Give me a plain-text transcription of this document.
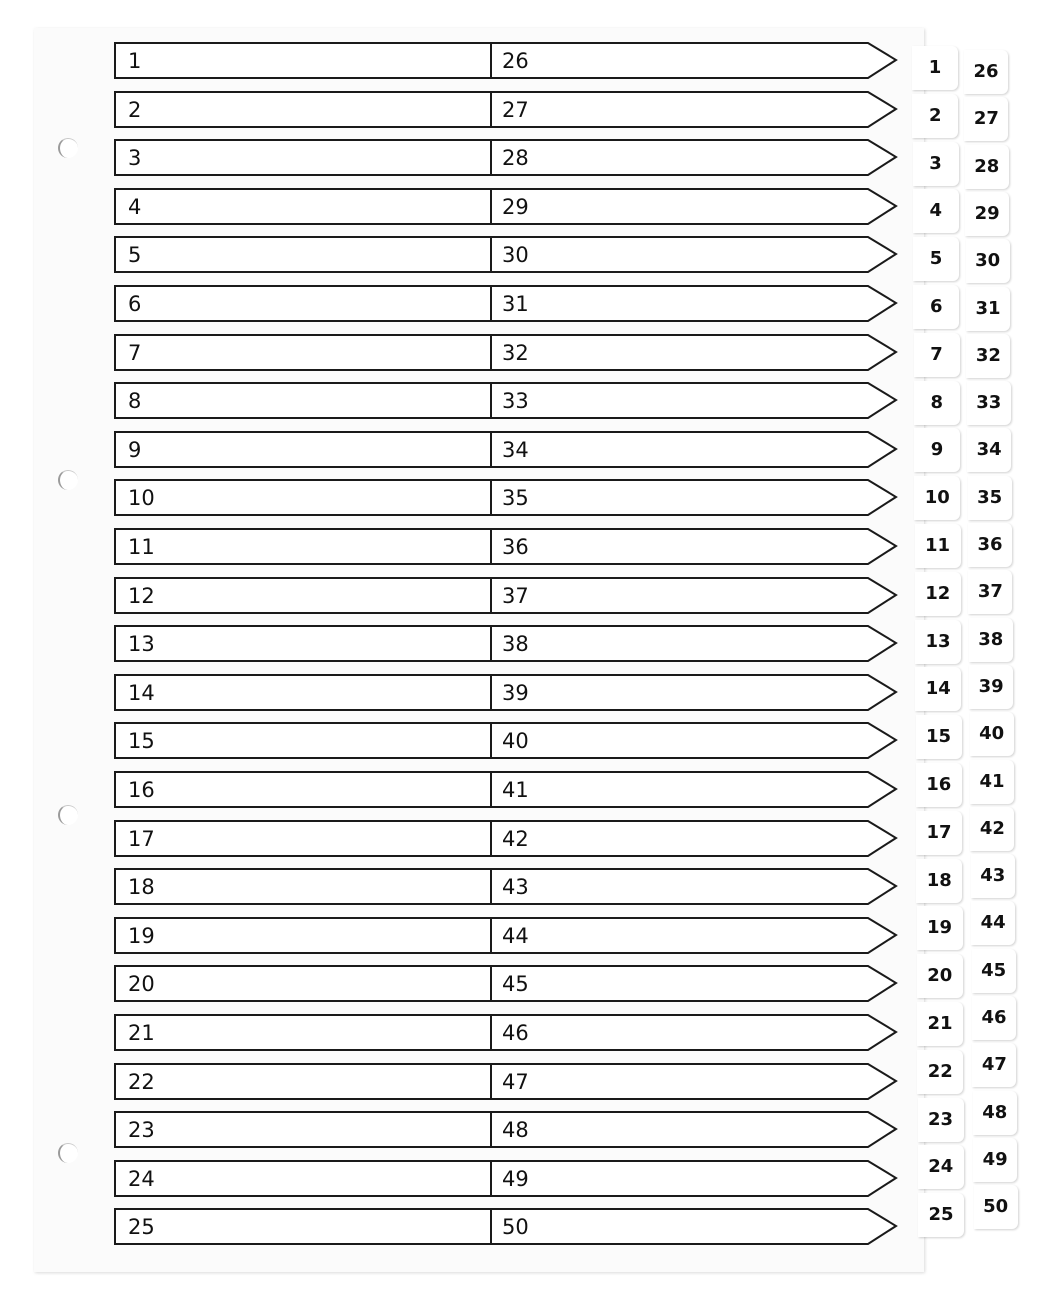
1	26
2	27
3	28
4	29
5	30
6	31
7	32
8	33
9	34
10	35
11	36
12	37
13	38
14	39
15	40
16	41
17	42
18	43
19	44
20	45
21	46
22	47
23	48
24	49
25	50
26
27
28
29
30
31
32
33
34
35
36
37
38
39
40
41
42
43
44
45
46
47
48
49
50
1
2
3
4
5
6
7
8
9
10
11
12
13
14
15
16
17
18
19
20
21
22
23
24
25
